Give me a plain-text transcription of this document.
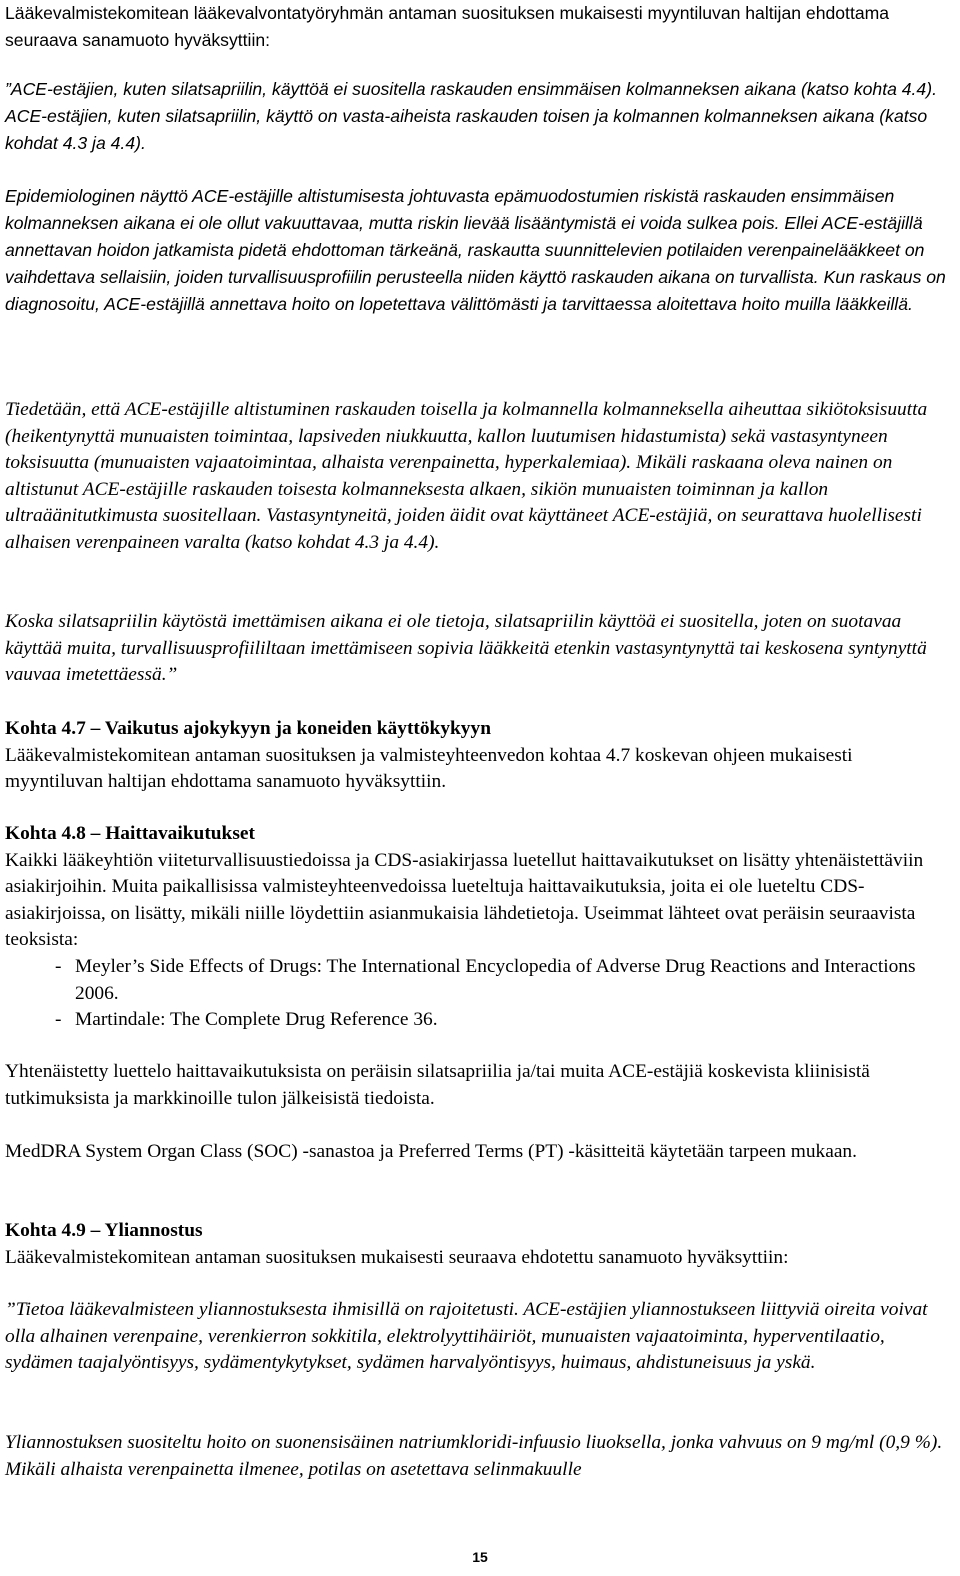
Lääkevalmistekomitean lääkevalvontatyöryhmän antaman suosituksen mukaisesti myyntiluvan haltijan ehdottama seuraava sanamuoto hyväksyttiin:

”ACE-estäjien, kuten silatsapriilin, käyttöä ei suositella raskauden ensimmäisen kolmanneksen aikana (katso kohta 4.4). ACE-estäjien, kuten silatsapriilin, käyttö on vasta-aiheista raskauden toisen ja kolmannen kolmanneksen aikana (katso kohdat 4.3 ja 4.4).

Epidemiologinen näyttö ACE-estäjille altistumisesta johtuvasta epämuodostumien riskistä raskauden ensimmäisen kolmanneksen aikana ei ole ollut vakuuttavaa, mutta riskin lievää lisääntymistä ei voida sulkea pois. Ellei ACE-estäjillä annettavan hoidon jatkamista pidetä ehdottoman tärkeänä, raskautta suunnittelevien potilaiden verenpainelääkkeet on vaihdettava sellaisiin, joiden turvallisuusprofiilin perusteella niiden käyttö raskauden aikana on turvallista. Kun raskaus on diagnosoitu, ACE-estäjillä annettava hoito on lopetettava välittömästi ja tarvittaessa aloitettava hoito muilla lääkkeillä.

Tiedetään, että ACE-estäjille altistuminen raskauden toisella ja kolmannella kolmanneksella aiheuttaa sikiötoksisuutta (heikentynyttä munuaisten toimintaa, lapsiveden niukkuutta, kallon luutumisen hidastumista) sekä vastasyntyneen toksisuutta (munuaisten vajaatoimintaa, alhaista verenpainetta, hyperkalemiaa). Mikäli raskaana oleva nainen on altistunut ACE-estäjille raskauden toisesta kolmanneksesta alkaen, sikiön munuaisten toiminnan ja kallon ultraäänitutkimusta suositellaan. Vastasyntyneitä, joiden äidit ovat käyttäneet ACE-estäjiä, on seurattava huolellisesti alhaisen verenpaineen varalta (katso kohdat 4.3 ja 4.4).

Koska silatsapriilin käytöstä imettämisen aikana ei ole tietoja, silatsapriilin käyttöä ei suositella, joten on suotavaa käyttää muita, turvallisuusprofiililtaan imettämiseen sopivia lääkkeitä etenkin vastasyntynyttä tai keskosena syntynyttä vauvaa imetettäessä.”

Kohta 4.7 – Vaikutus ajokykyyn ja koneiden käyttökykyyn
Lääkevalmistekomitean antaman suosituksen ja valmisteyhteenvedon kohtaa 4.7 koskevan ohjeen mukaisesti myyntiluvan haltijan ehdottama sanamuoto hyväksyttiin.
Kohta 4.8 – Haittavaikutukset
Kaikki lääkeyhtiön viiteturvallisuustiedoissa ja CDS-asiakirjassa luetellut haittavaikutukset on lisätty yhtenäistettäviin asiakirjoihin. Muita paikallisissa valmisteyhteenvedoissa lueteltuja haittavaikutuksia, joita ei ole lueteltu CDS-asiakirjoissa, on lisätty, mikäli niille löydettiin asianmukaisia lähdetietoja. Useimmat lähteet ovat peräisin seuraavista teoksista:
- Meyler’s Side Effects of Drugs: The International Encyclopedia of Adverse Drug Reactions and Interactions 2006.
- Martindale: The Complete Drug Reference 36.

Yhtenäistetty luettelo haittavaikutuksista on peräisin silatsapriilia ja/tai muita ACE-estäjiä koskevista kliinisistä tutkimuksista ja markkinoille tulon jälkeisistä tiedoista.

MedDRA System Organ Class (SOC) -sanastoa ja Preferred Terms (PT) -käsitteitä käytetään tarpeen mukaan.

Kohta 4.9 – Yliannostus
Lääkevalmistekomitean antaman suosituksen mukaisesti seuraava ehdotettu sanamuoto hyväksyttiin:

”Tietoa lääkevalmisteen yliannostuksesta ihmisillä on rajoitetusti. ACE-estäjien yliannostukseen liittyviä oireita voivat olla alhainen verenpaine, verenkierron sokkitila, elektrolyyttihäiriöt, munuaisten vajaatoiminta, hyperventilaatio, sydämen taajalyöntisyys, sydämentykytykset, sydämen harvalyöntisyys, huimaus, ahdistuneisuus ja yskä.

Yliannostuksen suositeltu hoito on suonensisäinen natriumkloridi-infuusio liuoksella, jonka vahvuus on 9 mg/ml (0,9 %). Mikäli alhaista verenpainetta ilmenee, potilas on asetettava selinmakuulle

15
